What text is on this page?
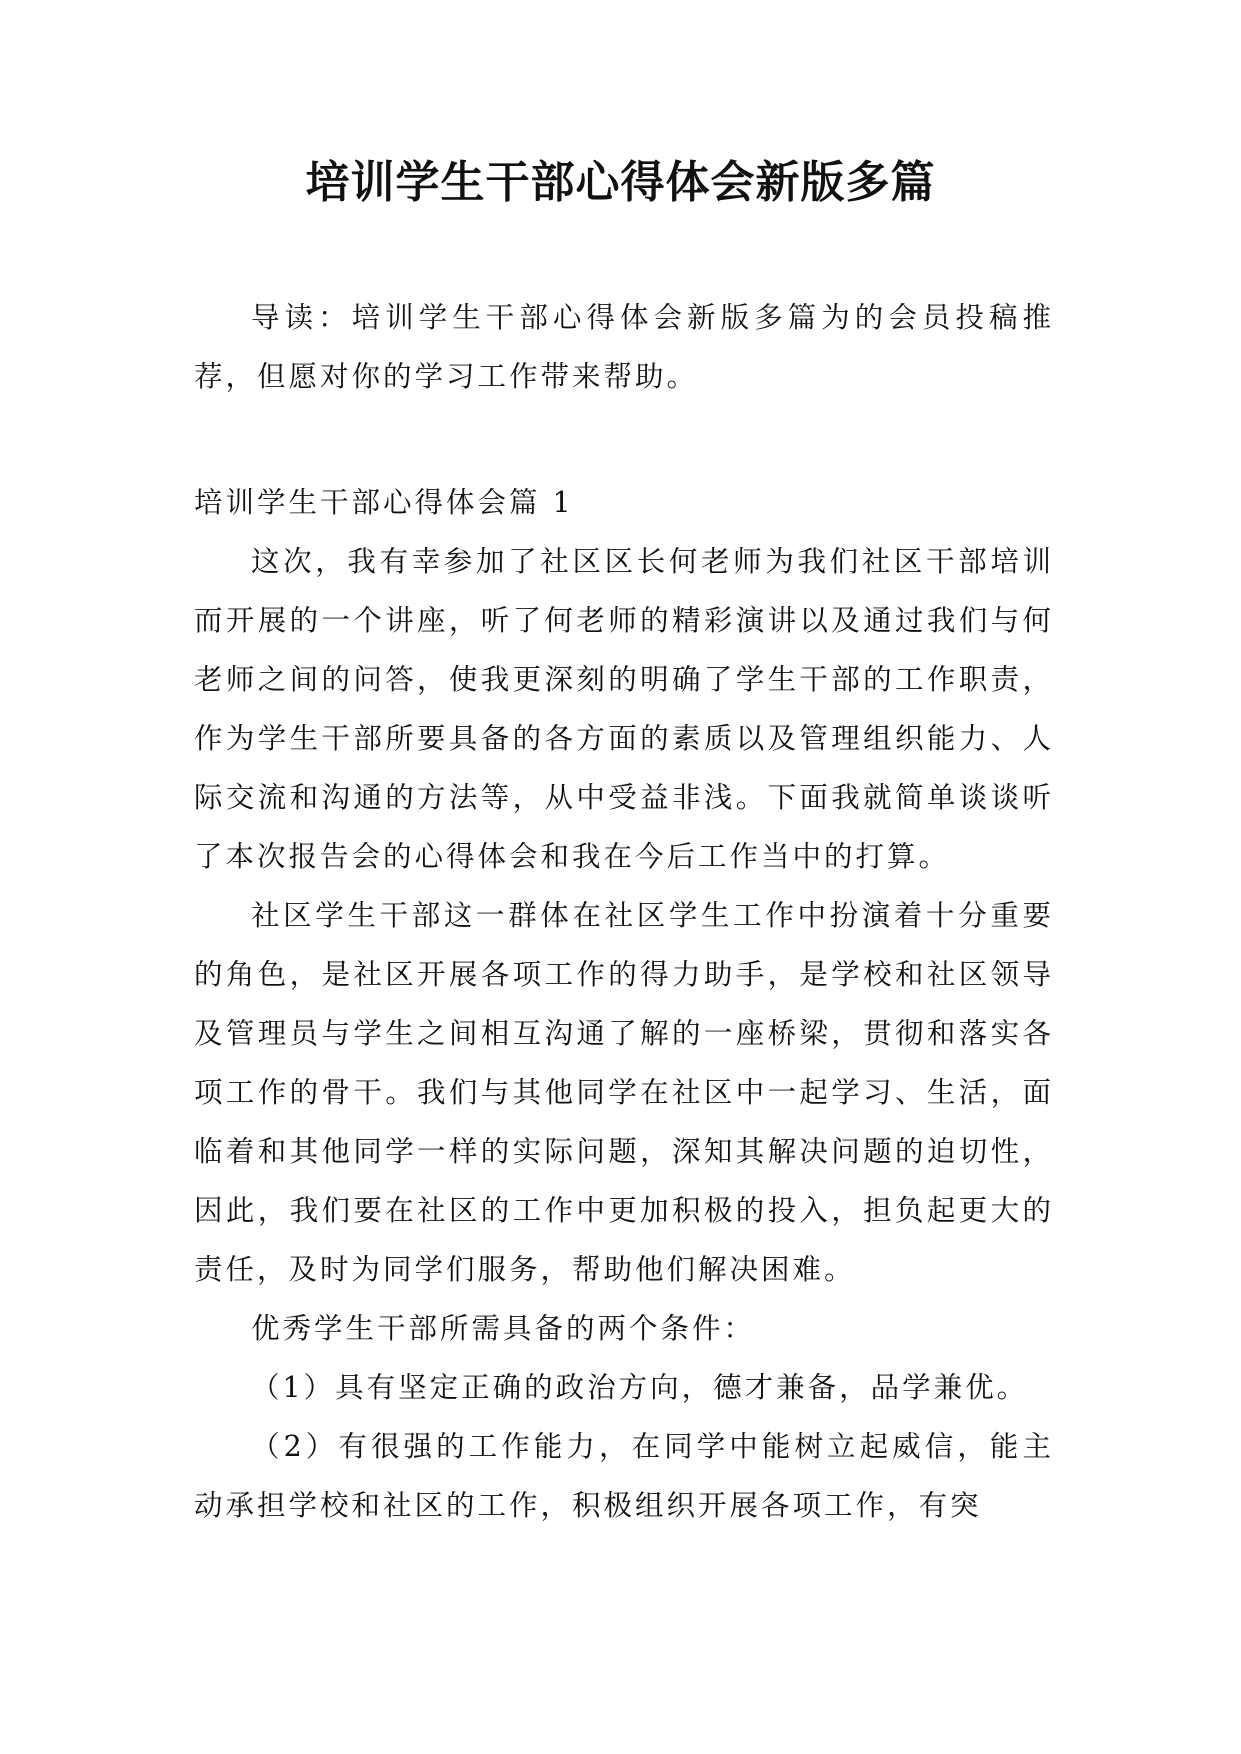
培训学生干部心得体会新版多篇

导读：培训学生干部心得体会新版多篇为的会员投稿推荐，但愿对你的学习工作带来帮助。

培训学生干部心得体会篇 1

这次，我有幸参加了社区区长何老师为我们社区干部培训而开展的一个讲座，听了何老师的精彩演讲以及通过我们与何老师之间的问答，使我更深刻的明确了学生干部的工作职责，作为学生干部所要具备的各方面的素质以及管理组织能力、人际交流和沟通的方法等，从中受益非浅。下面我就简单谈谈听了本次报告会的心得体会和我在今后工作当中的打算。

社区学生干部这一群体在社区学生工作中扮演着十分重要的角色，是社区开展各项工作的得力助手，是学校和社区领导及管理员与学生之间相互沟通了解的一座桥梁，贯彻和落实各项工作的骨干。我们与其他同学在社区中一起学习、生活，面临着和其他同学一样的实际问题，深知其解决问题的迫切性，因此，我们要在社区的工作中更加积极的投入，担负起更大的责任，及时为同学们服务，帮助他们解决困难。

优秀学生干部所需具备的两个条件：

（1）具有坚定正确的政治方向，德才兼备，品学兼优。

（2）有很强的工作能力，在同学中能树立起威信，能主动承担学校和社区的工作，积极组织开展各项工作，有突
